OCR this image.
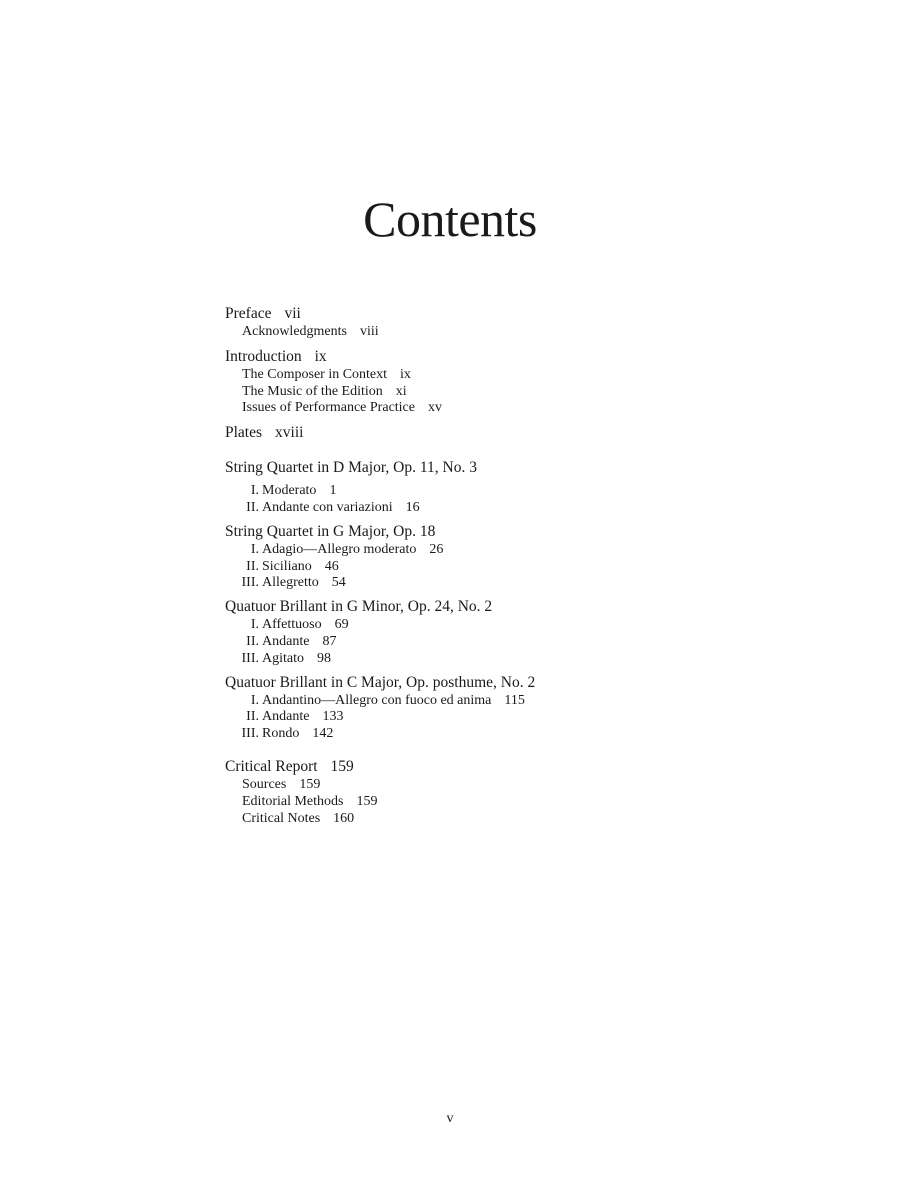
Contents
Preface vii
Acknowledgments viii
Introduction ix
The Composer in Context ix
The Music of the Edition xi
Issues of Performance Practice xv
Plates xviii
String Quartet in D Major, Op. 11, No. 3
I. Moderato 1
II. Andante con variazioni 16
String Quartet in G Major, Op. 18
I. Adagio—Allegro moderato 26
II. Siciliano 46
III. Allegretto 54
Quatuor Brillant in G Minor, Op. 24, No. 2
I. Affettuoso 69
II. Andante 87
III. Agitato 98
Quatuor Brillant in C Major, Op. posthume, No. 2
I. Andantino—Allegro con fuoco ed anima 115
II. Andante 133
III. Rondo 142
Critical Report 159
Sources 159
Editorial Methods 159
Critical Notes 160
v
